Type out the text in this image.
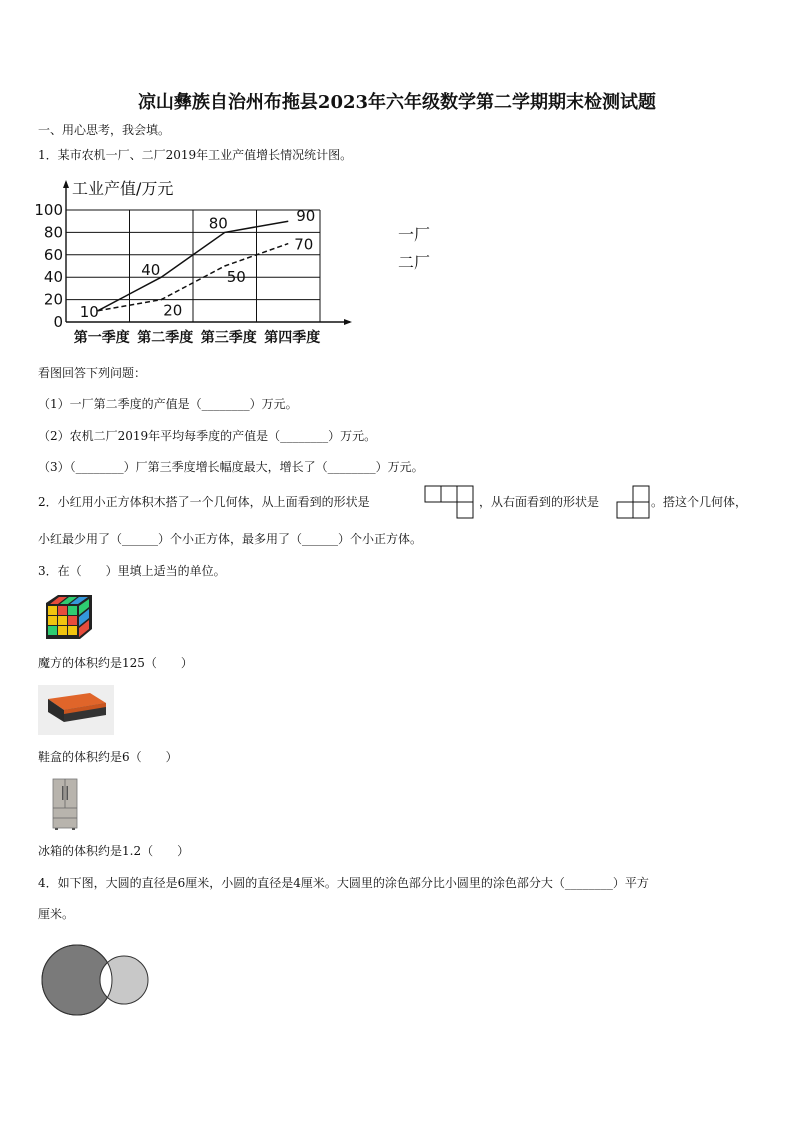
凉山彝族自治州布拖县2023年六年级数学第二学期期末检测试题
一、用心思考，我会填。
1．某市农机一厂、二厂2019年工业产值增长情况统计图。
0
20
40
60
80
100
工业产值/万元
第一季度 第二季度 第三季度 第四季度
10
40
80	90
一厂
20
50
70
二厂
看图回答下列问题：
（1）一厂第二季度的产值是（________）万元。
（2）农机二厂2019年平均每季度的产值是（________）万元。
（3）（________）厂第三季度增长幅度最大，增长了（________）万元。
2．小红用小正方体积木搭了一个几何体，从上面看到的形状是	，从右面看到的形状是	。搭这个几何体，
小红最少用了（______）个小正方体，最多用了（______）个小正方体。
3．在（　　）里填上适当的单位。
魔方的体积约是125（　　）
鞋盒的体积约是6（　　）
冰箱的体积约是1.2（　　）
4．如下图，大圆的直径是6厘米，小圆的直径是4厘米。大圆里的涂色部分比小圆里的涂色部分大（________）平方
厘米。
